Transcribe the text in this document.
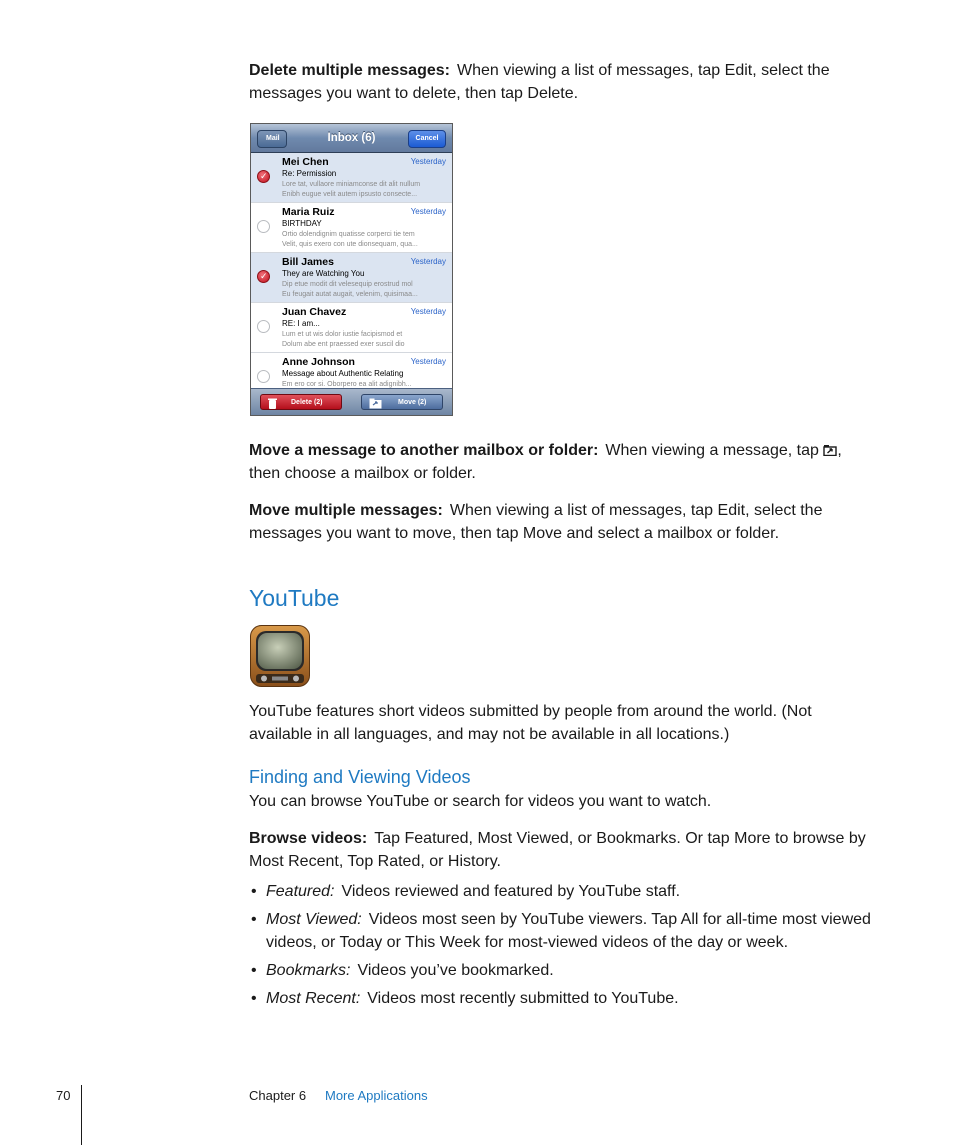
Delete multiple messages: When viewing a list of messages, tap Edit, select the messages you want to delete, then tap Delete.
Inbox (6)
Mail	Cancel
✓
Mei Chen	Yesterday
Re: Permission
Lore tat, vullaore miniamconse dit alit nullum
Enibh eugue velit autem ipsusto consecte...
Maria Ruiz	Yesterday
BIRTHDAY
Ortio dolendignim quatisse corperci tie tem
Velit, quis exero con ute dionsequam, qua...
✓
Bill James	Yesterday
They are Watching You
Dip etue modit dit velesequip erostrud mol
Eu feugait autat augait, velenim, quisimaa...
Juan Chavez	Yesterday
RE: I am...
Lum et ut wis dolor iustie facipismod et
Dolum abe ent praessed exer suscil dio
Anne Johnson	Yesterday
Message about Authentic Relating
Em ero cor si. Oborpero ea alit adignibh...
Delete (2)	Move (2)
Move a message to another mailbox or folder: When viewing a message, tap , then choose a mailbox or folder.
Move multiple messages: When viewing a list of messages, tap Edit, select the messages you want to move, then tap Move and select a mailbox or folder.
YouTube
YouTube features short videos submitted by people from around the world. (Not available in all languages, and may not be available in all locations.)
Finding and Viewing Videos
You can browse YouTube or search for videos you want to watch.
Browse videos: Tap Featured, Most Viewed, or Bookmarks. Or tap More to browse by Most Recent, Top Rated, or History.
• Featured: Videos reviewed and featured by YouTube staff.
• Most Viewed: Videos most seen by YouTube viewers. Tap All for all-time most viewed videos, or Today or This Week for most-viewed videos of the day or week.
• Bookmarks: Videos you’ve bookmarked.
• Most Recent: Videos most recently submitted to YouTube.
70	Chapter 6 More Applications
